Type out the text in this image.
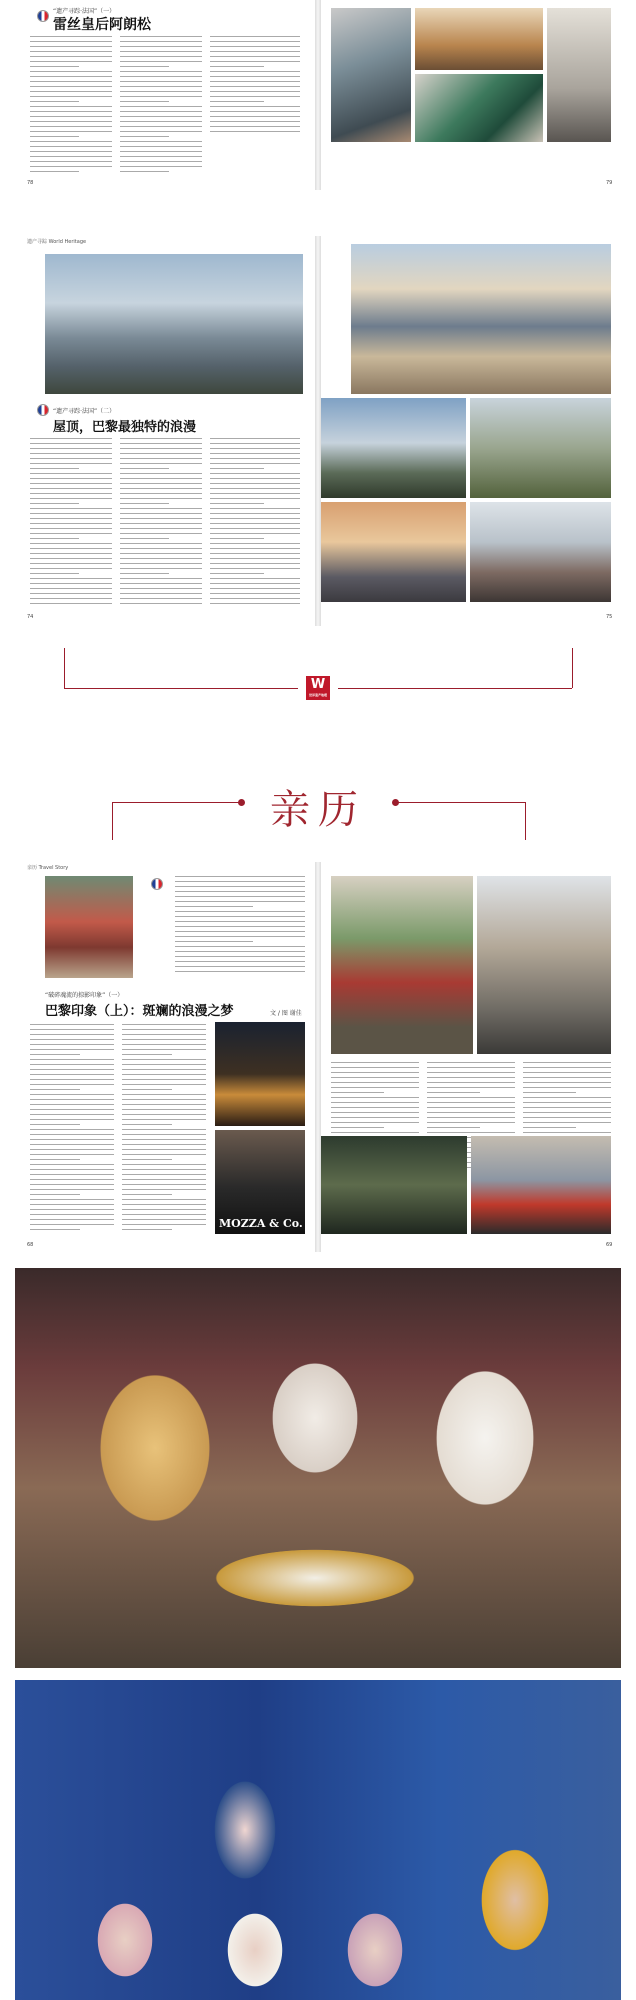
“遗产寻踪·法国”（一）
雷丝皇后阿朗松
78	79
遗产寻踪 World Heritage
“遗产寻踪·法国”（二）
屋顶，巴黎最独特的浪漫
74	75
W
世界遗产地理
亲历
亲历 Travel Story
“破碎魂流的掠影印象”（一）
巴黎印象（上）：斑斓的浪漫之梦	文 / 图 谢佳
MOZZA & Co.
68	69
